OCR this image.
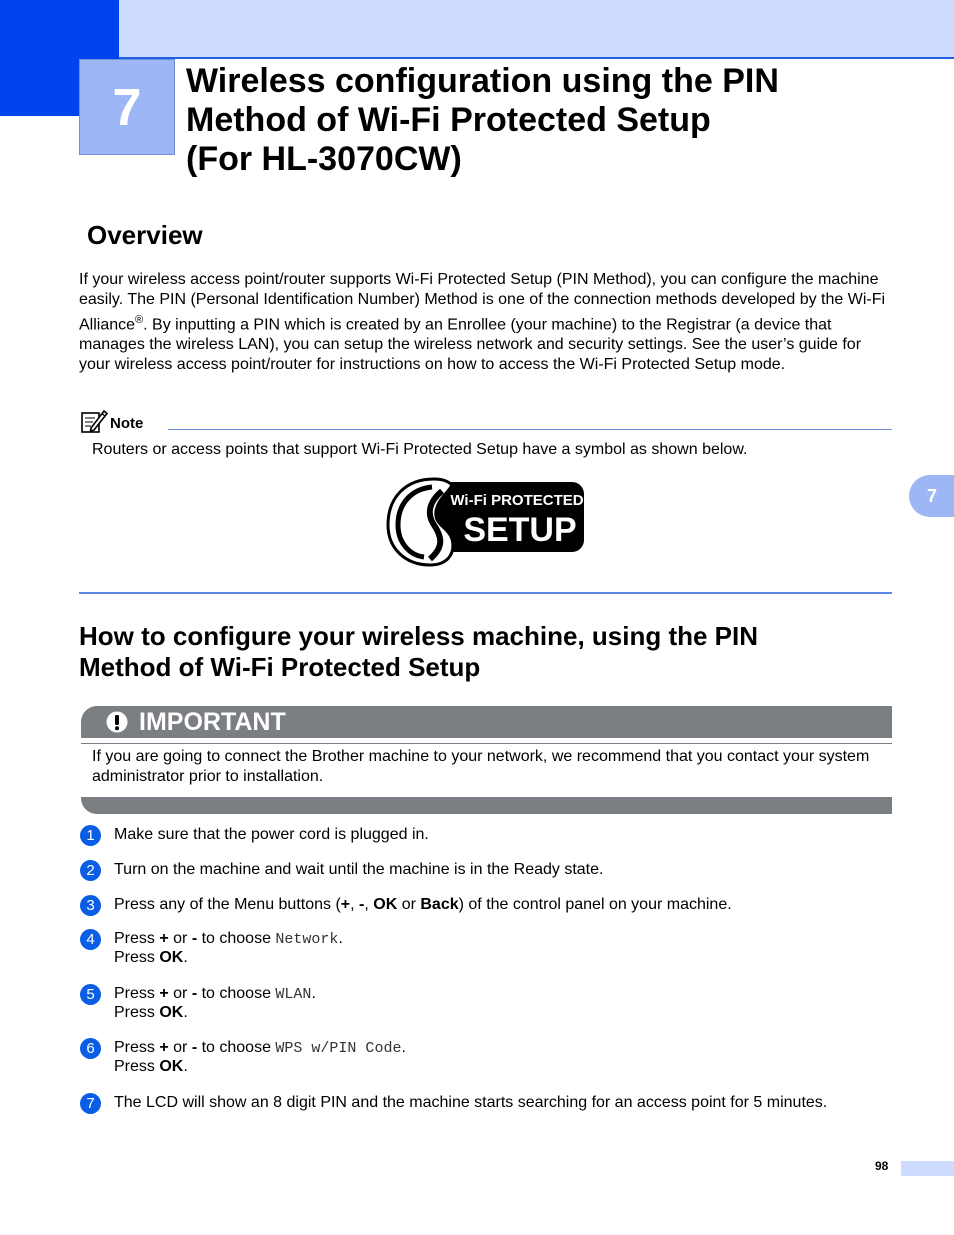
7	Wireless configuration using the PIN
Method of Wi-Fi Protected Setup
(For HL-3070CW)
Overview

If your wireless access point/router supports Wi-Fi Protected Setup (PIN Method), you can configure the machine easily. The PIN (Personal Identification Number) Method is one of the connection methods developed by the Wi-Fi Alliance®. By inputting a PIN which is created by an Enrollee (your machine) to the Registrar (a device that manages the wireless LAN), you can setup the wireless network and security settings. See the user’s guide for your wireless access point/router for instructions on how to access the Wi-Fi Protected Setup mode.

Note

Routers or access points that support Wi-Fi Protected Setup have a symbol as shown below.

Wi-Fi PROTECTED
SETUP
7
How to configure your wireless machine, using the PIN
Method of Wi-Fi Protected Setup
IMPORTANT

If you are going to connect the Brother machine to your network, we recommend that you contact your system administrator prior to installation.

1	Make sure that the power cord is plugged in.
2	Turn on the machine and wait until the machine is in the Ready state.
3	Press any of the Menu buttons (+, -, OK or Back) of the control panel on your machine.
4	Press + or - to choose Network.
Press OK.
5	Press + or - to choose WLAN.
Press OK.
6	Press + or - to choose WPS w/PIN Code.
Press OK.
7	The LCD will show an 8 digit PIN and the machine starts searching for an access point for 5 minutes.
98
